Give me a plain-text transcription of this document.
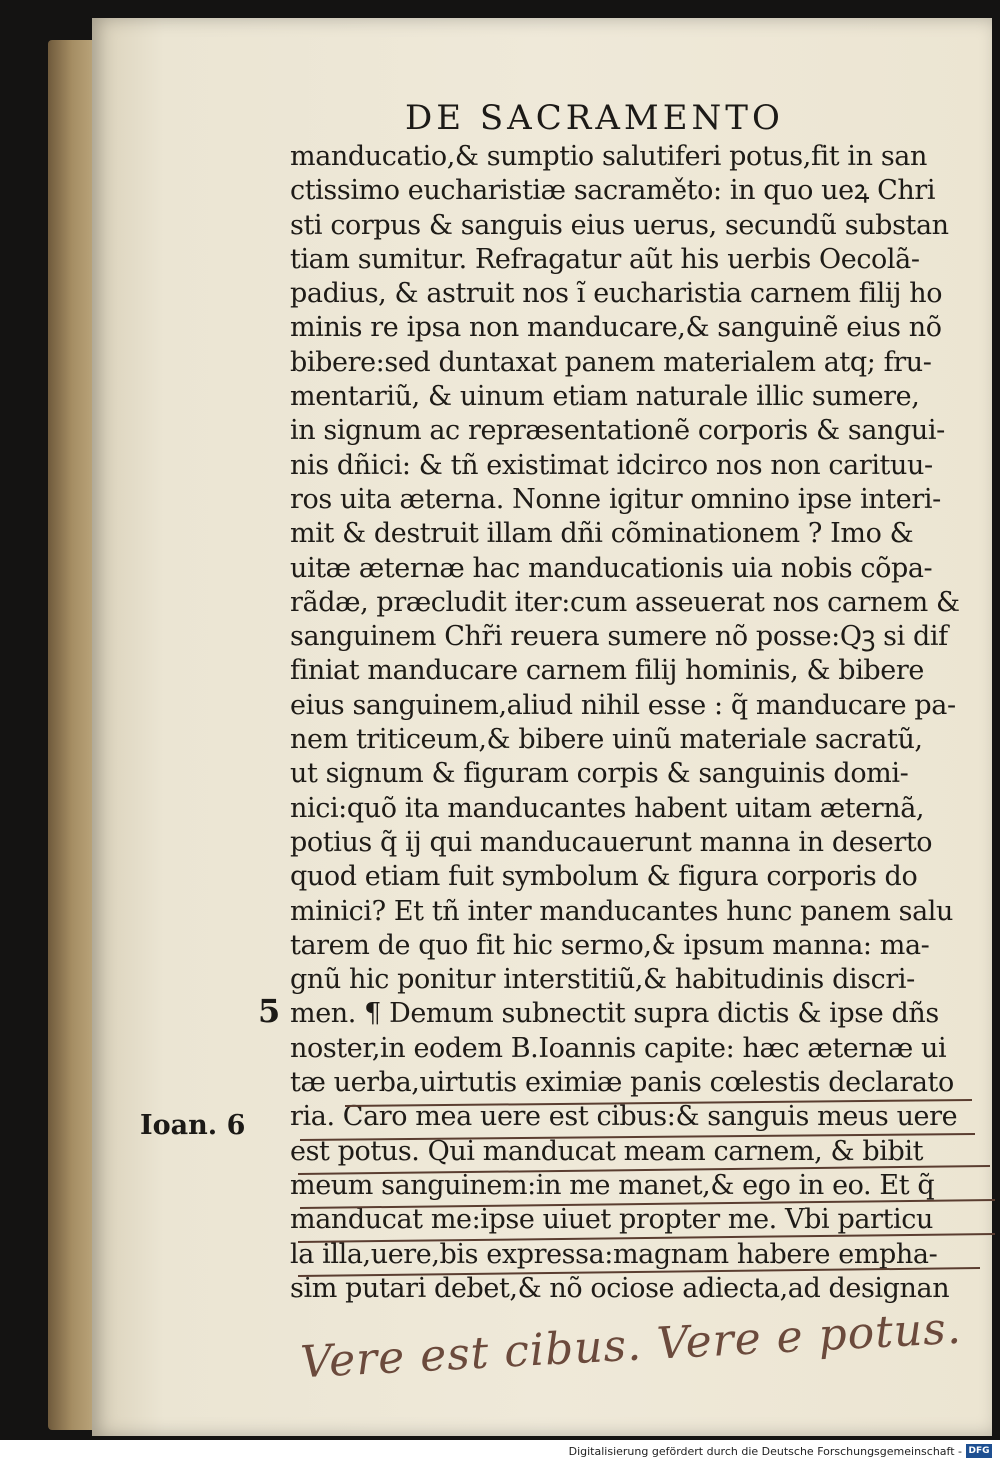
DE SACRAMENTO
manducatio,& sumptio salutiferi potus,fit in san
ctissimo eucharistiæ sacraměto: in quo ueꝝ Chri
sti corpus & sanguis eius uerus, secundũ substan
tiam sumitur. Refragatur aũt his uerbis Oecolã-
padius, & astruit nos ĩ eucharistia carnem filij ho
minis re ipsa non manducare,& sanguinẽ eius nõ
bibere:sed duntaxat panem materialem atq; fru-
mentariũ, & uinum etiam naturale illic sumere,
in signum ac repræsentationẽ corporis & sangui-
nis dñici: & tñ existimat idcirco nos non carituu-
ros uita æterna. Nonne igitur omnino ipse interi-
mit & destruit illam dñi cõminationem ? Imo &
uitæ æternæ hac manducationis uia nobis cõpa-
rãdæ, præcludit iter:cum asseuerat nos carnem &
sanguinem Chr̃i reuera sumere nõ posse:Qꝫ si dif
finiat manducare carnem filij hominis, & bibere
eius sanguinem,aliud nihil esse : q̃ manducare pa-
nem triticeum,& bibere uinũ materiale sacratũ,
ut signum & figuram corpis & sanguinis domi-
nici:quõ ita manducantes habent uitam æternã,
potius q̃ ij qui manducauerunt manna in deserto
quod etiam fuit symbolum & figura corporis do
minici? Et tñ inter manducantes hunc panem salu
tarem de quo fit hic sermo,& ipsum manna: ma-
gnũ hic ponitur interstitiũ,& habitudinis discri-
men. ¶ Demum subnectit supra dictis & ipse dñs
noster,in eodem B.Ioannis capite: hæc æternæ ui
tæ uerba,uirtutis eximiæ panis cœlestis declarato
ria. Caro mea uere est cibus:& sanguis meus uere
est potus. Qui manducat meam carnem, & bibit
meum sanguinem:in me manet,& ego in eo. Et q̃
manducat me:ipse uiuet propter me. Vbi particu
la illa,uere,bis expressa:magnam habere empha-
sim putari debet,& nõ ociose adiecta,ad designan
5
Ioan. 6
Vere est cibus. Vere e potus.
Digitalisierung gefördert durch die Deutsche Forschungsgemeinschaft - DFG
